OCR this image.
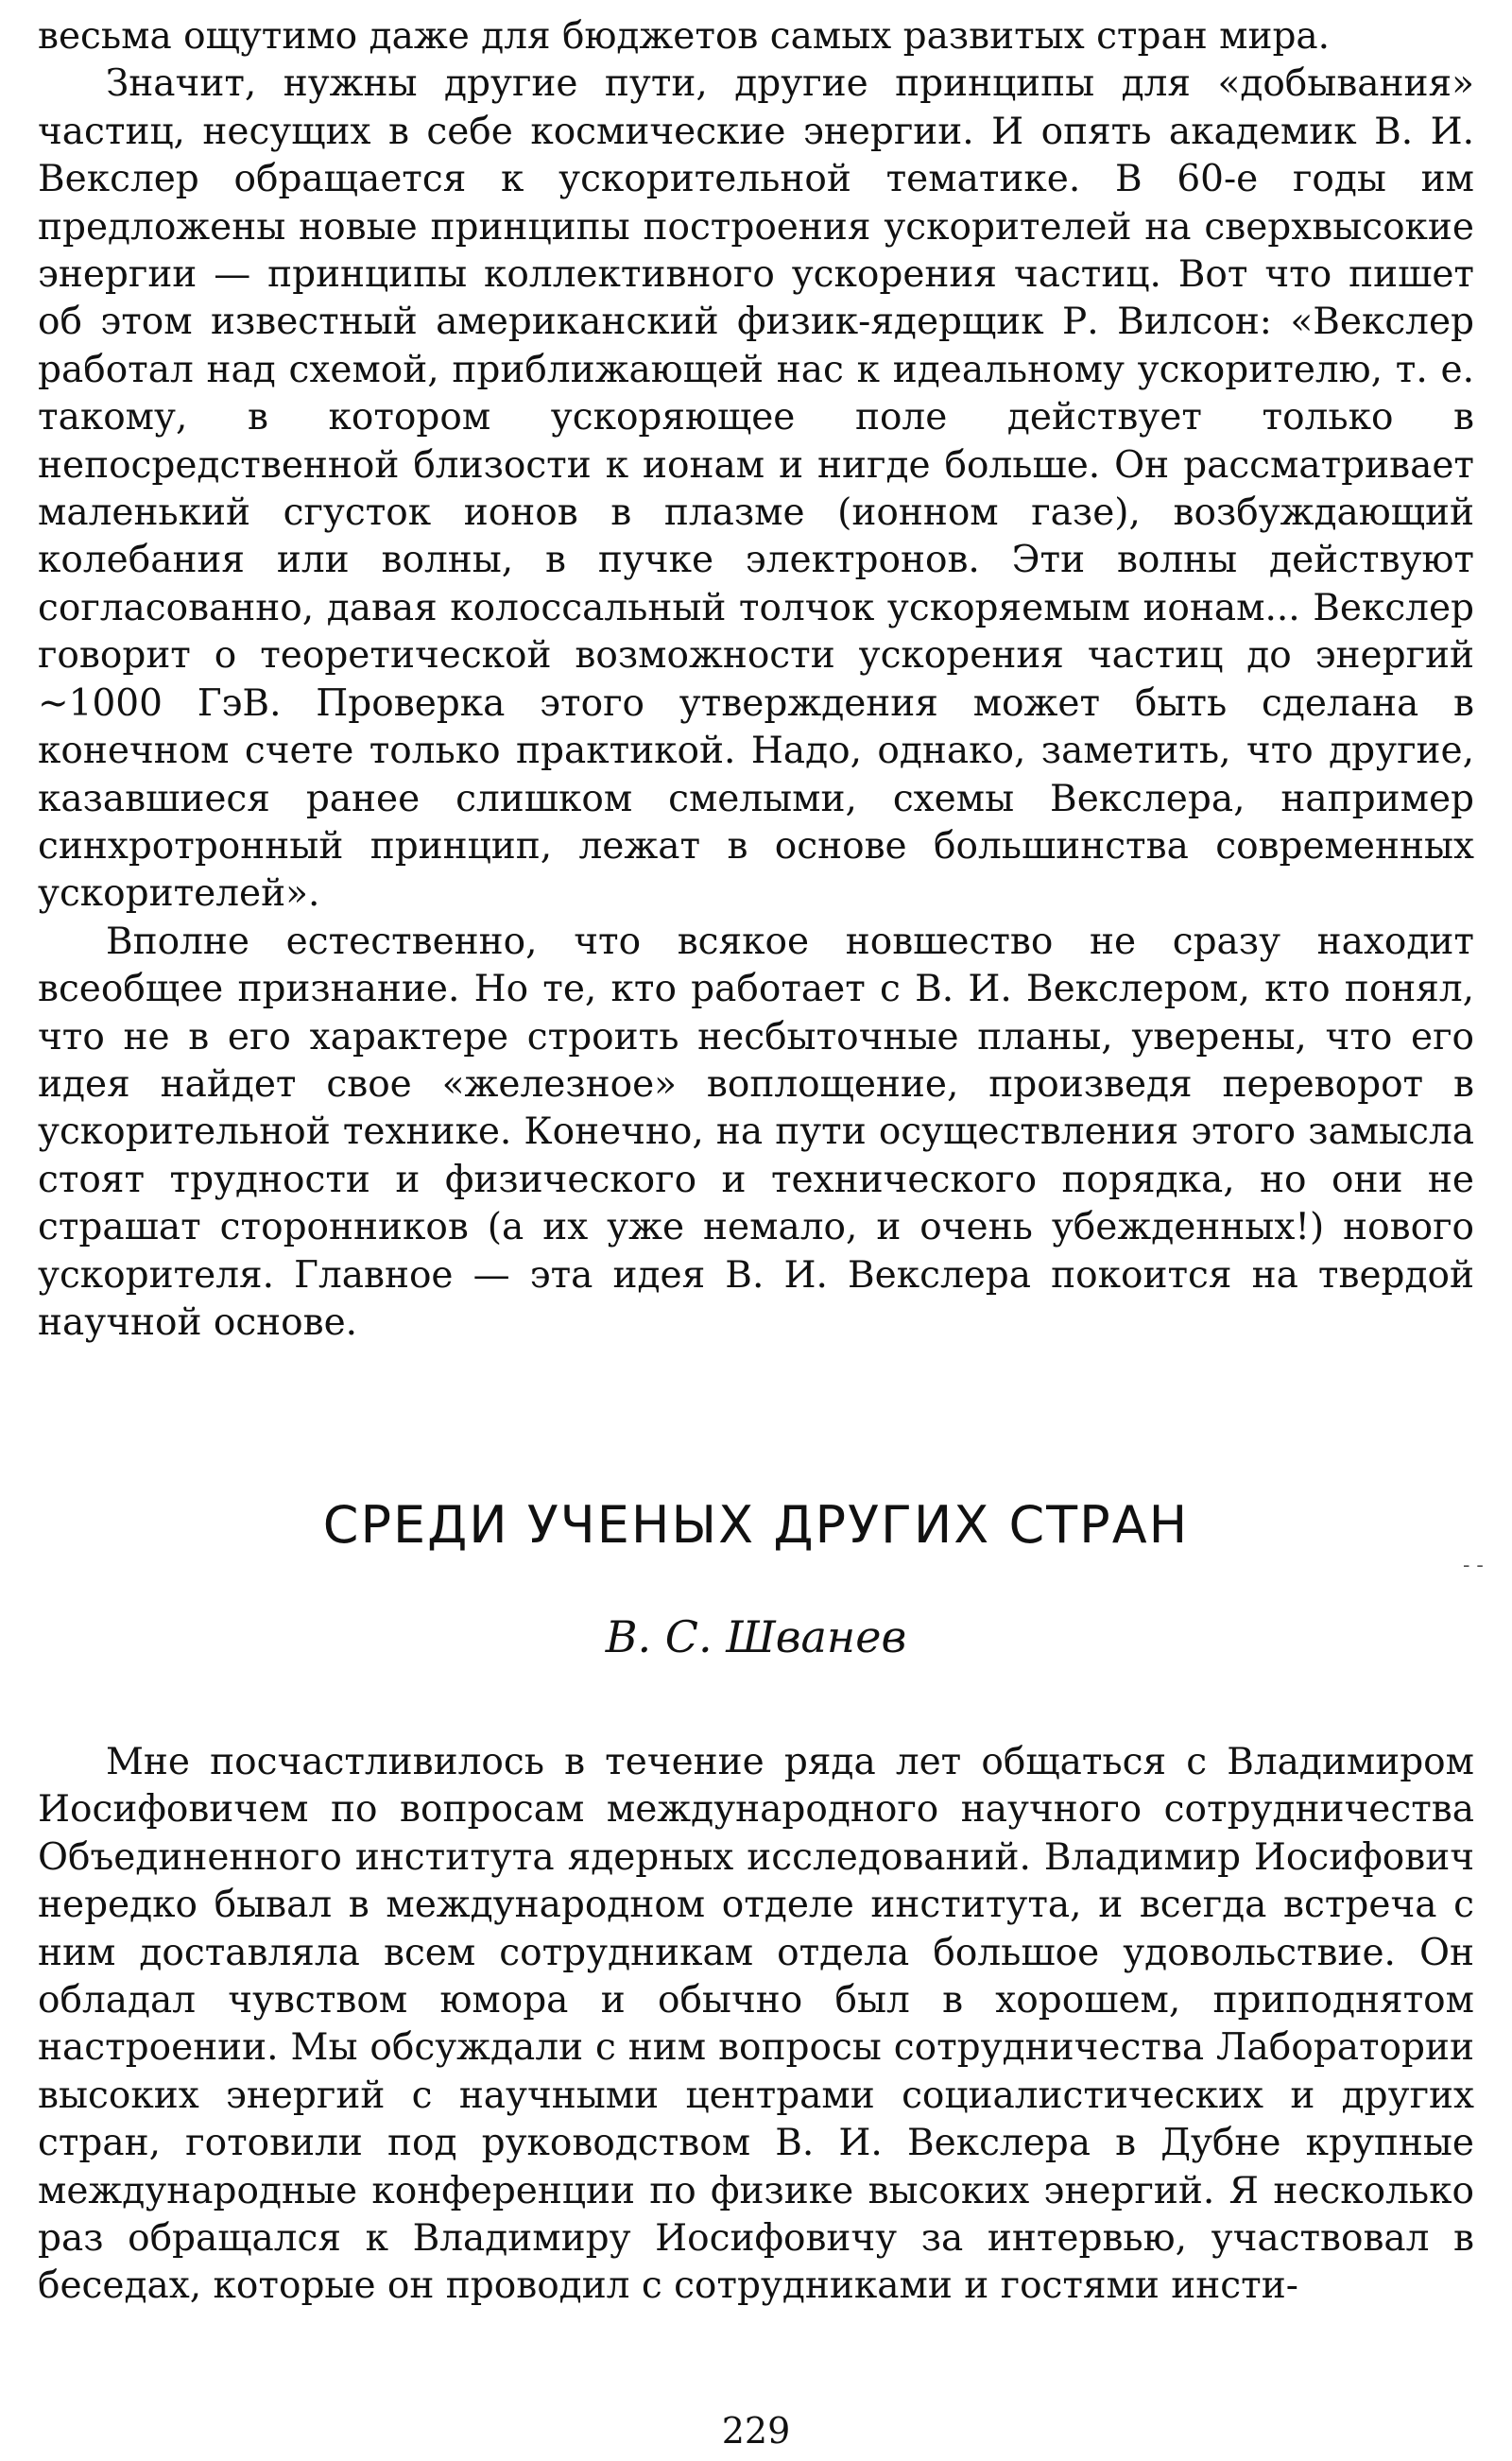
весьма ощутимо даже для бюджетов самых развитых стран мира.

Значит, нужны другие пути, другие принципы для «добывания» частиц, несущих в себе космические энергии. И опять академик В. И. Векслер обращается к ускорительной тематике. В 60-е годы им предложены новые принципы построения ускорителей на сверхвысокие энергии — принципы коллективного ускорения частиц. Вот что пишет об этом известный американский физик-ядерщик Р. Вилсон: «Векслер работал над схемой, приближающей нас к идеальному ускорителю, т. е. такому, в котором ускоряющее поле действует только в непосредственной близости к ионам и нигде больше. Он рассматривает маленький сгусток ионов в плазме (ионном газе), возбуждающий колебания или волны, в пучке электронов. Эти волны действуют согласованно, давая колоссальный толчок ускоряемым ионам... Векслер говорит о теоретической возможности ускорения частиц до энергий ~1000 ГэВ. Проверка этого утверждения может быть сделана в конечном счете только практикой. Надо, однако, заметить, что другие, казавшиеся ранее слишком смелыми, схемы Векслера, например синхротронный принцип, лежат в основе большинства современных ускорителей».

Вполне естественно, что всякое новшество не сразу находит всеобщее признание. Но те, кто работает с В. И. Векслером, кто понял, что не в его характере строить несбыточные планы, уверены, что его идея найдет свое «железное» воплощение, произведя переворот в ускорительной технике. Конечно, на пути осуществления этого замысла стоят трудности и физического и технического порядка, но они не страшат сторонников (а их уже немало, и очень убежденных!) нового ускорителя. Главное — эта идея В. И. Векслера покоится на твердой научной основе.

СРЕДИ УЧЕНЫХ ДРУГИХ СТРАН

В. С. Шванев

Мне посчастливилось в течение ряда лет общаться с Владимиром Иосифовичем по вопросам международного научного сотрудничества Объединенного института ядерных исследований. Владимир Иосифович нередко бывал в международном отделе института, и всегда встреча с ним доставляла всем сотрудникам отдела большое удовольствие. Он обладал чувством юмора и обычно был в хорошем, приподнятом настроении. Мы обсуждали с ним вопросы сотрудничества Лаборатории высоких энергий с научными центрами социалистических и других стран, готовили под руководством В. И. Векслера в Дубне крупные международные конференции по физике высоких энергий. Я несколько раз обращался к Владимиру Иосифовичу за интервью, участвовал в беседах, которые он проводил с сотрудниками и гостями инсти-

- -
229
